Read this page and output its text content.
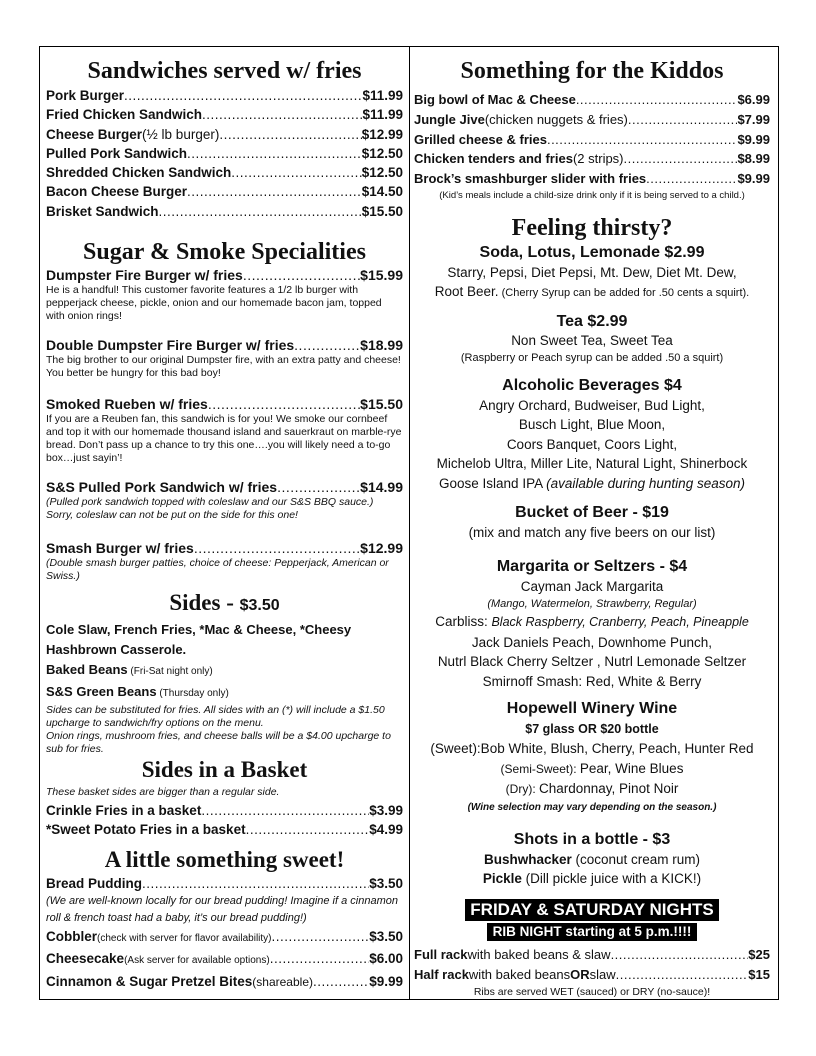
Sandwiches served w/ fries
Pork Burger .....	$11.99
Fried Chicken Sandwich .....	$11.99
Cheese Burger (½ lb burger) .....	$12.99
Pulled Pork Sandwich .....	$12.50
Shredded Chicken Sandwich .....	$12.50
Bacon Cheese Burger .....	$14.50
Brisket Sandwich .....	$15.50
Sugar & Smoke Specialities
Dumpster Fire Burger w/ fries .....	$15.99

He is a handful! This customer favorite features a 1/2 lb burger with pepperjack cheese, pickle, onion and our homemade bacon jam, topped with onion rings!

Double Dumpster Fire Burger w/ fries .....	$18.99

The big brother to our original Dumpster fire, with an extra patty and cheese! You better be hungry for this bad boy!

Smoked Rueben w/ fries .....	$15.50

If you are a Reuben fan, this sandwich is for you! We smoke our cornbeef and top it with our homemade thousand island and sauerkraut on marble-rye bread. Don’t pass up a chance to try this one….you will likely need a to-go box…just sayin’!

S&S Pulled Pork Sandwich w/ fries .....	$14.99

(Pulled pork sandwich topped with coleslaw and our S&S BBQ sauce.) Sorry, coleslaw can not be put on the side for this one!

Smash Burger w/ fries .....	$12.99

(Double smash burger patties, choice of cheese: Pepperjack, American or Swiss.)

Sides - $3.50

Cole Slaw, French Fries, *Mac & Cheese, *Cheesy

Hashbrown Casserole.

Baked Beans (Fri-Sat night only)

S&S Green Beans (Thursday only)

Sides can be substituted for fries. All sides with an (*) will include a $1.50 upcharge to sandwich/fry options on the menu.

Onion rings, mushroom fries, and cheese balls will be a $4.00 upcharge to sub for fries.

Sides in a Basket

These basket sides are bigger than a regular side.

Crinkle Fries in a basket .....	$3.99
*Sweet Potato Fries in a basket .....	$4.99
A little something sweet!
Bread Pudding .....	$3.50

(We are well-known locally for our bread pudding! Imagine if a cinnamon roll & french toast had a baby, it’s our bread pudding!)

Cobbler (check with server for flavor availability) .....	$3.50
Cheesecake (Ask server for available options) .....	$6.00
Cinnamon & Sugar Pretzel Bites (shareable) .....	$9.99
Something for the Kiddos
Big bowl of Mac & Cheese .....	$6.99
Jungle Jive (chicken nuggets & fries) .....	$7.99
Grilled cheese & fries .....	$9.99
Chicken tenders and fries (2 strips) .....	$8.99
Brock’s smashburger slider with fries .....	$9.99

(Kid’s meals include a child-size drink only if it is being served to a child.)

Feeling thirsty?

Soda, Lotus, Lemonade $2.99

Starry, Pepsi, Diet Pepsi, Mt. Dew, Diet Mt. Dew,

Root Beer. (Cherry Syrup can be added for .50 cents a squirt).

Tea $2.99

Non Sweet Tea, Sweet Tea

(Raspberry or Peach syrup can be added .50 a squirt)

Alcoholic Beverages $4

Angry Orchard, Budweiser, Bud Light,

Busch Light, Blue Moon,

Coors Banquet, Coors Light,

Michelob Ultra, Miller Lite, Natural Light, Shinerbock

Goose Island IPA (available during hunting season)

Bucket of Beer - $19

(mix and match any five beers on our list)

Margarita or Seltzers - $4

Cayman Jack Margarita

(Mango, Watermelon, Strawberry, Regular)

Carbliss: Black Raspberry, Cranberry, Peach, Pineapple

Jack Daniels Peach, Downhome Punch,

Nutrl Black Cherry Seltzer , Nutrl Lemonade Seltzer

Smirnoff Smash: Red, White & Berry

Hopewell Winery Wine

$7 glass OR $20 bottle

(Sweet):Bob White, Blush, Cherry, Peach, Hunter Red

(Semi-Sweet): Pear, Wine Blues

(Dry): Chardonnay, Pinot Noir

(Wine selection may vary depending on the season.)

Shots in a bottle - $3

Bushwhacker (coconut cream rum)

Pickle (Dill pickle juice with a KICK!)

FRIDAY & SATURDAY NIGHTS
RIB NIGHT starting at 5 p.m.!!!!
Full rack with baked beans & slaw .....	$25
Half rack with baked beans OR slaw .....	$15

Ribs are served WET (sauced) or DRY (no-sauce)!
